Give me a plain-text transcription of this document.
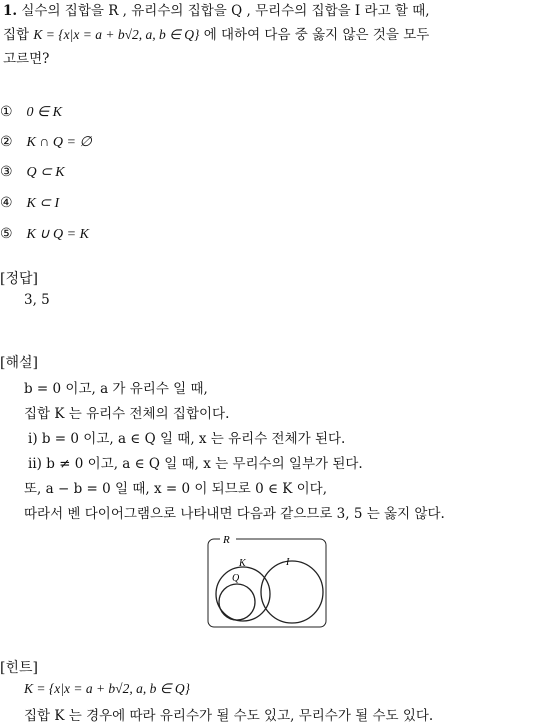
1. 실수의 집합을 R , 유리수의 집합을 Q , 무리수의 집합을 I 라고 할 때,
집합 K = {x|x = a + b√2, a, b ∈ Q} 에 대하여 다음 중 옳지 않은 것을 모두
고르면?
① 0 ∈ K
② K ∩ Q = ∅
③ Q ⊂ K
④ K ⊂ I
⑤ K ∪ Q = K
[정답]
3, 5
[해설]
b = 0 이고, a 가 유리수 일 때,
집합 K 는 유리수 전체의 집합이다.
ⅰ) b = 0 이고, a ∈ Q 일 때, x 는 유리수 전체가 된다.
ⅱ) b ≠ 0 이고, a ∈ Q 일 때, x 는 무리수의 일부가 된다.
또, a − b = 0 일 때, x = 0 이 되므로 0 ∈ K 이다,
따라서 벤 다이어그램으로 나타내면 다음과 같으므로 3, 5 는 옳지 않다.
R
K
Q
I
[힌트]
K = {x|x = a + b√2, a, b ∈ Q}
집합 K 는 경우에 따라 유리수가 될 수도 있고, 무리수가 될 수도 있다.
